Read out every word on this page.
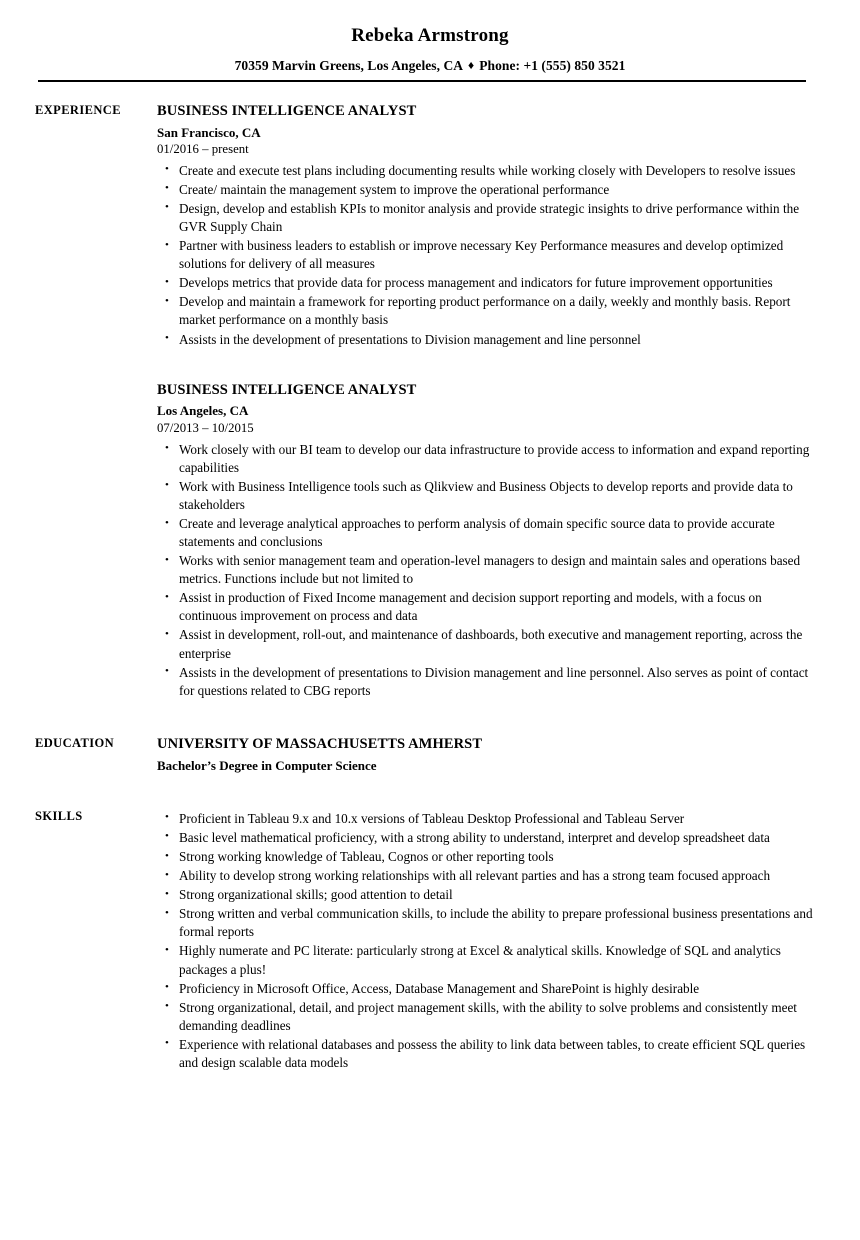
Rebeka Armstrong
70359 Marvin Greens, Los Angeles, CA ♦ Phone: +1 (555) 850 3521
EXPERIENCE	BUSINESS INTELLIGENCE ANALYST
San Francisco, CA
01/2016 – present
• Create and execute test plans including documenting results while working closely with Developers to resolve issues
• Create/ maintain the management system to improve the operational performance
• Design, develop and establish KPIs to monitor analysis and provide strategic insights to drive performance within the GVR Supply Chain
• Partner with business leaders to establish or improve necessary Key Performance measures and develop optimized solutions for delivery of all measures
• Develops metrics that provide data for process management and indicators for future improvement opportunities
• Develop and maintain a framework for reporting product performance on a daily, weekly and monthly basis. Report market performance on a monthly basis
• Assists in the development of presentations to Division management and line personnel
BUSINESS INTELLIGENCE ANALYST
Los Angeles, CA
07/2013 – 10/2015
• Work closely with our BI team to develop our data infrastructure to provide access to information and expand reporting capabilities
• Work with Business Intelligence tools such as Qlikview and Business Objects to develop reports and provide data to stakeholders
• Create and leverage analytical approaches to perform analysis of domain specific source data to provide accurate statements and conclusions
• Works with senior management team and operation-level managers to design and maintain sales and operations based metrics. Functions include but not limited to
• Assist in production of Fixed Income management and decision support reporting and models, with a focus on continuous improvement on process and data
• Assist in development, roll-out, and maintenance of dashboards, both executive and management reporting, across the enterprise
• Assists in the development of presentations to Division management and line personnel. Also serves as point of contact for questions related to CBG reports
EDUCATION	UNIVERSITY OF MASSACHUSETTS AMHERST
Bachelor’s Degree in Computer Science
SKILLS	• Proficient in Tableau 9.x and 10.x versions of Tableau Desktop Professional and Tableau Server
• Basic level mathematical proficiency, with a strong ability to understand, interpret and develop spreadsheet data
• Strong working knowledge of Tableau, Cognos or other reporting tools
• Ability to develop strong working relationships with all relevant parties and has a strong team focused approach
• Strong organizational skills; good attention to detail
• Strong written and verbal communication skills, to include the ability to prepare professional business presentations and formal reports
• Highly numerate and PC literate: particularly strong at Excel & analytical skills. Knowledge of SQL and analytics packages a plus!
• Proficiency in Microsoft Office, Access, Database Management and SharePoint is highly desirable
• Strong organizational, detail, and project management skills, with the ability to solve problems and consistently meet demanding deadlines
• Experience with relational databases and possess the ability to link data between tables, to create efficient SQL queries and design scalable data models
